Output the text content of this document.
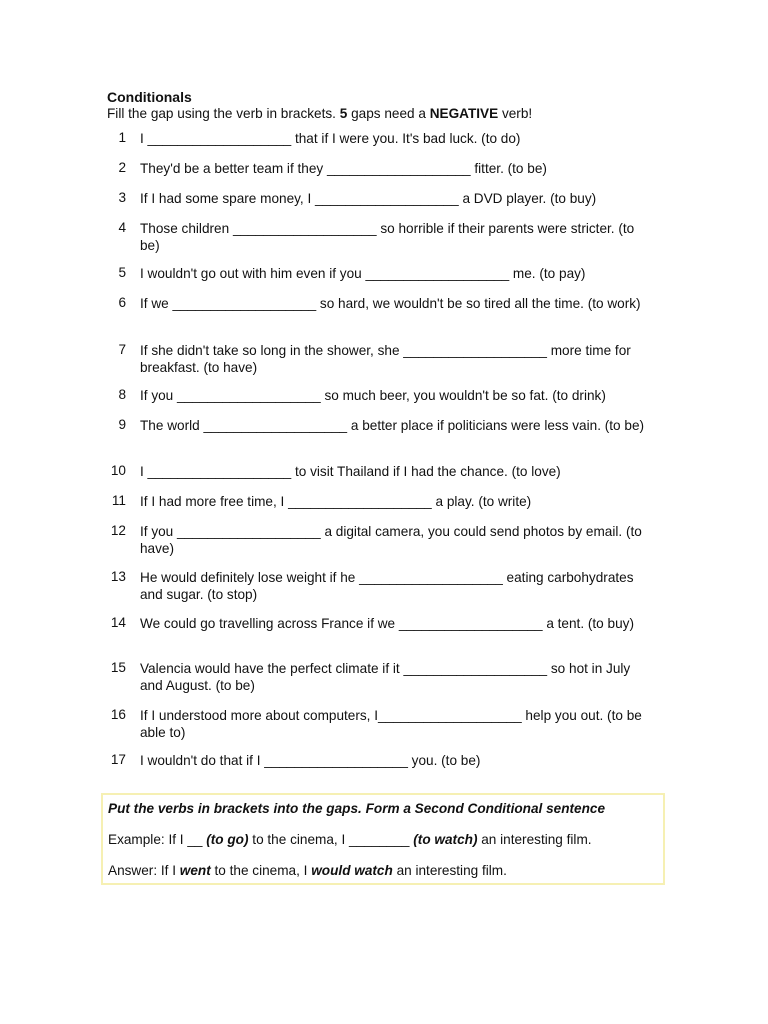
Conditionals
Fill the gap using the verb in brackets. 5 gaps need a NEGATIVE verb!
1 I ___________________ that if I were you. It's bad luck. (to do)
2 They'd be a better team if they ___________________ fitter. (to be)
3 If I had some spare money, I ___________________ a DVD player. (to buy)
4 Those children ___________________ so horrible if their parents were stricter. (to be)
5 I wouldn't go out with him even if you ___________________ me. (to pay)
6 If we ___________________ so hard, we wouldn't be so tired all the time. (to work)
7 If she didn't take so long in the shower, she ___________________ more time for breakfast. (to have)
8 If you ___________________ so much beer, you wouldn't be so fat. (to drink)
9 The world ___________________ a better place if politicians were less vain. (to be)
10 I ___________________ to visit Thailand if I had the chance. (to love)
11 If I had more free time, I ___________________ a play. (to write)
12 If you ___________________ a digital camera, you could send photos by email. (to have)
13 He would definitely lose weight if he ___________________ eating carbohydrates and sugar. (to stop)
14 We could go travelling across France if we ___________________ a tent. (to buy)
15 Valencia would have the perfect climate if it ___________________ so hot in July and August. (to be)
16 If I understood more about computers, I___________________ help you out. (to be able to)
17 I wouldn't do that if I ___________________ you. (to be)
Put the verbs in brackets into the gaps. Form a Second Conditional sentence
Example: If I __ (to go) to the cinema, I ________ (to watch) an interesting film.
Answer: If I went to the cinema, I would watch an interesting film.
